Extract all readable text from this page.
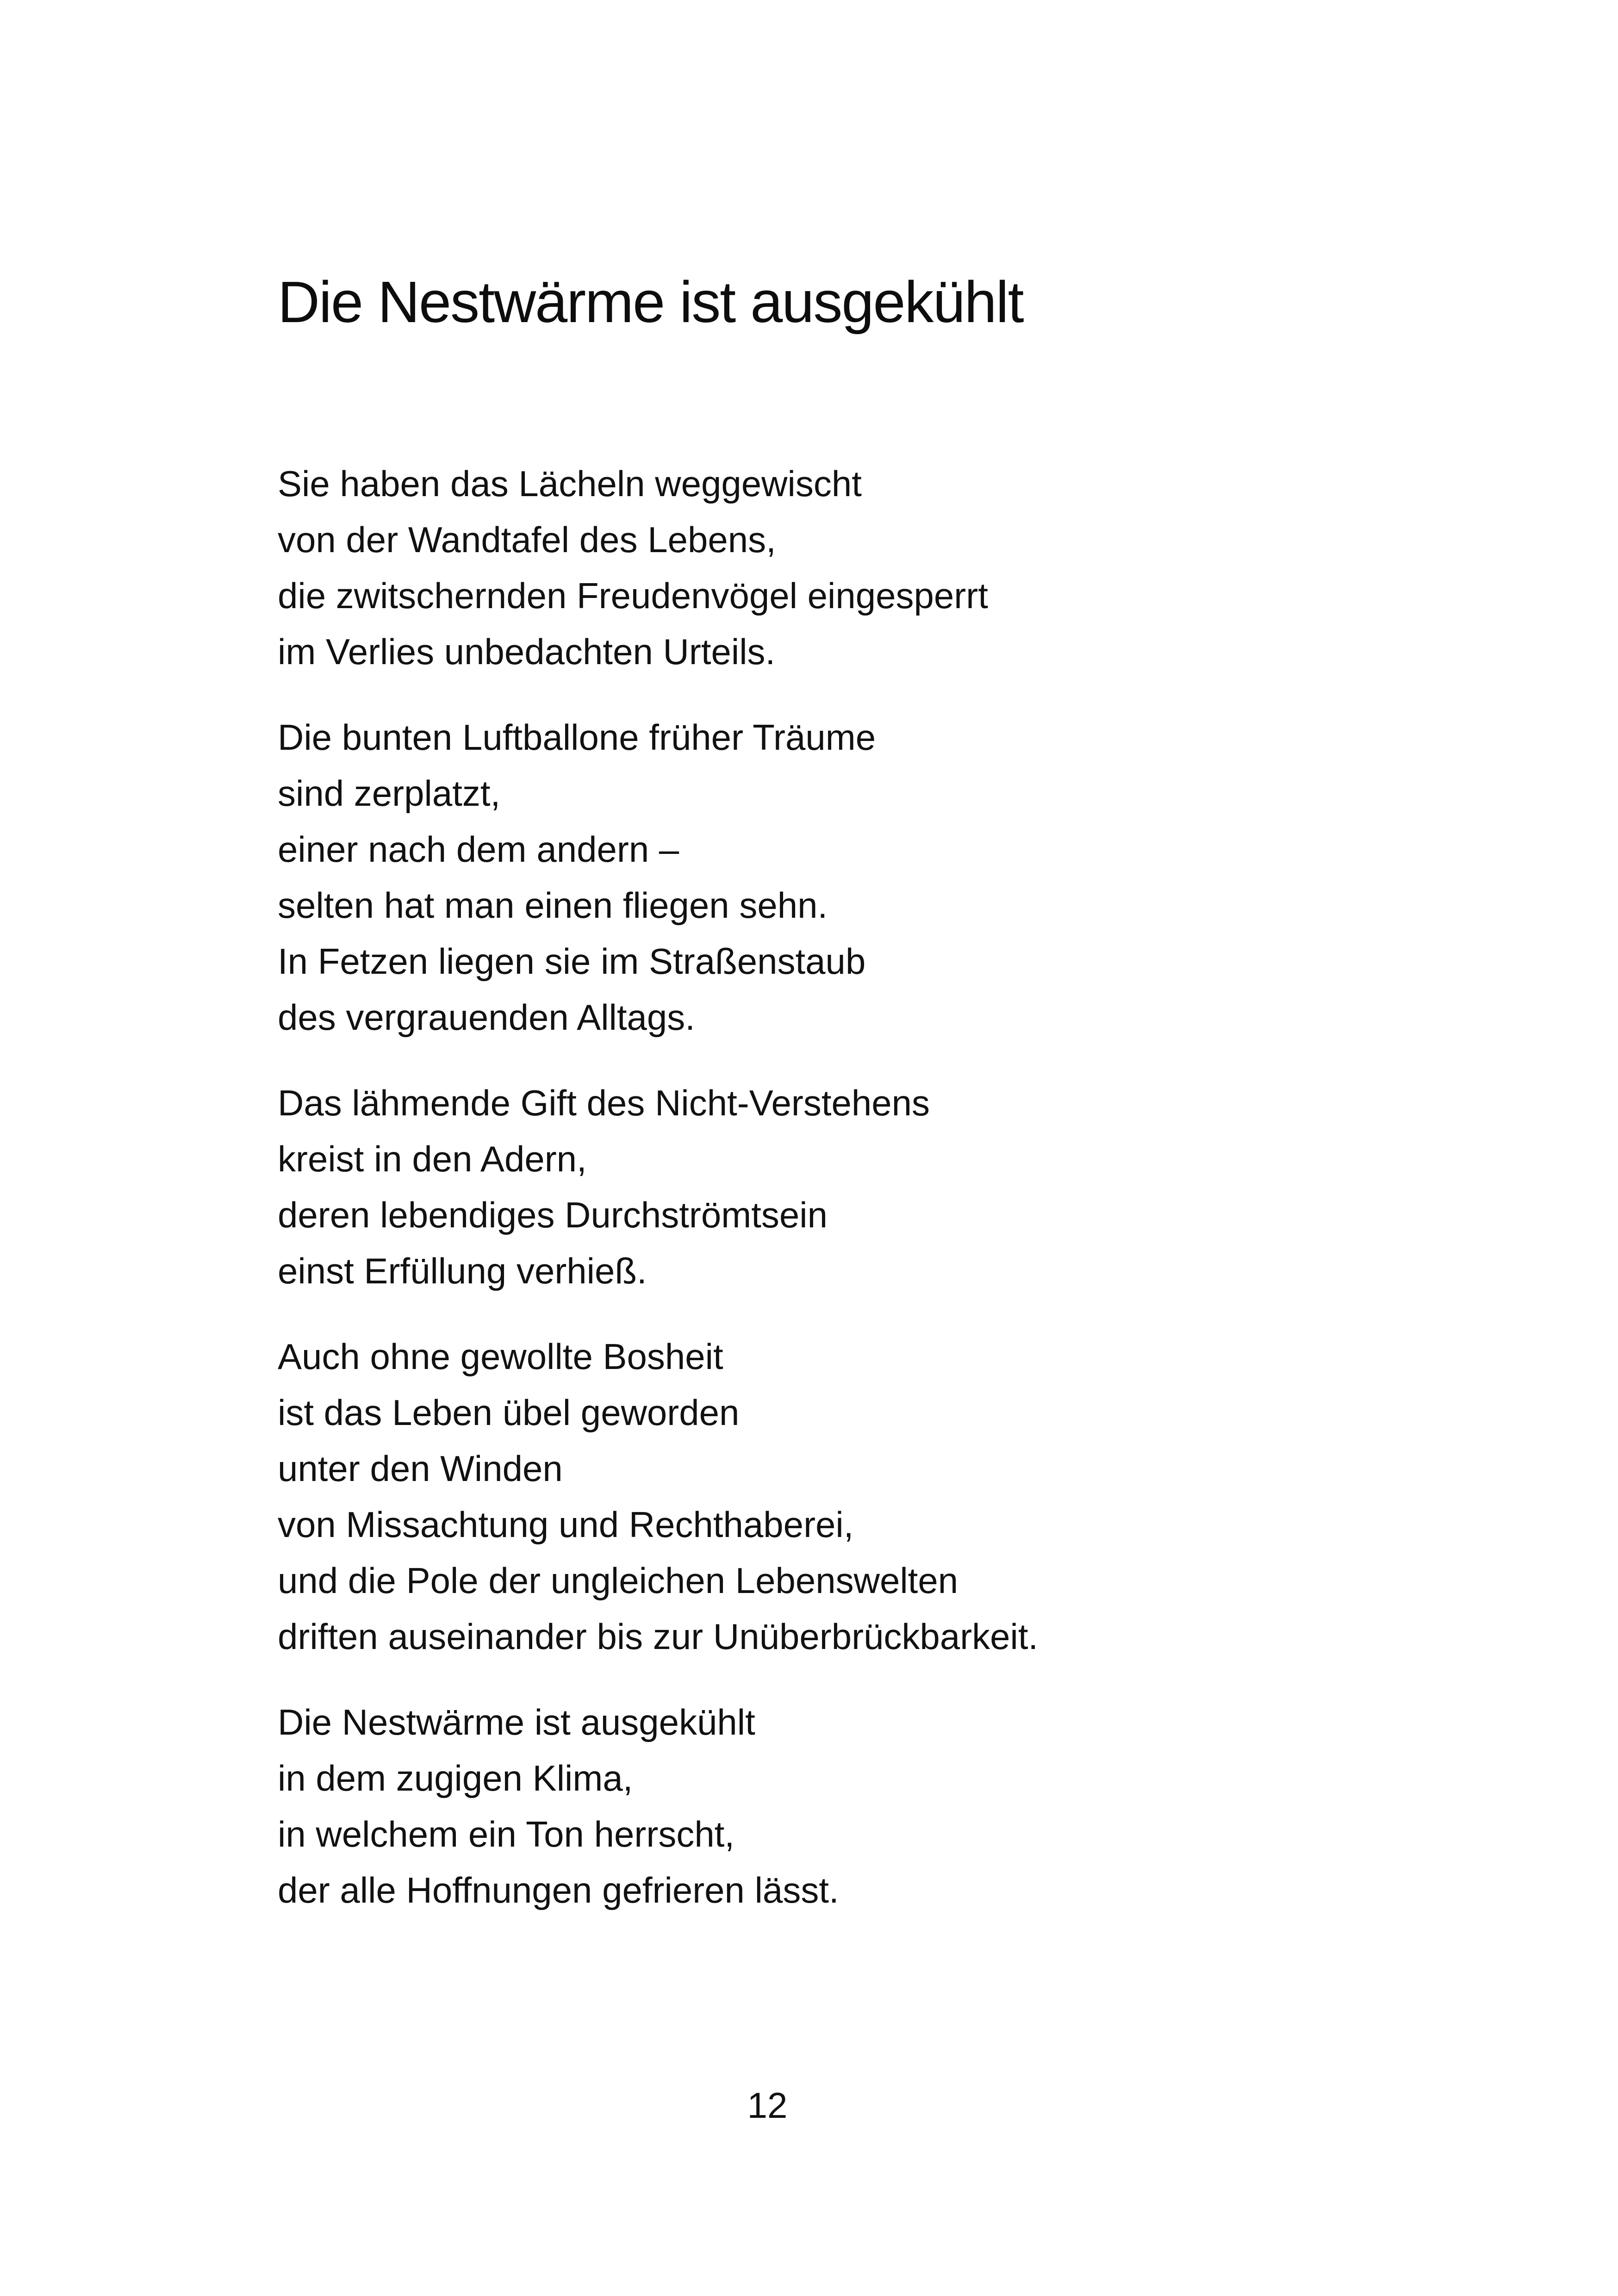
Die Nestwärme ist ausgekühlt
Sie haben das Lächeln weggewischt
von der Wandtafel des Lebens,
die zwitschernden Freudenvögel eingesperrt
im Verlies unbedachten Urteils.
Die bunten Luftballone früher Träume
sind zerplatzt,
einer nach dem andern –
selten hat man einen fliegen sehn.
In Fetzen liegen sie im Straßenstaub
des vergrauenden Alltags.
Das lähmende Gift des Nicht-Verstehens
kreist in den Adern,
deren lebendiges Durchströmtsein
einst Erfüllung verhieß.
Auch ohne gewollte Bosheit
ist das Leben übel geworden
unter den Winden
von Missachtung und Rechthaberei,
und die Pole der ungleichen Lebenswelten
driften auseinander bis zur Unüberbrückbarkeit.
Die Nestwärme ist ausgekühlt
in dem zugigen Klima,
in welchem ein Ton herrscht,
der alle Hoffnungen gefrieren lässt.
12
